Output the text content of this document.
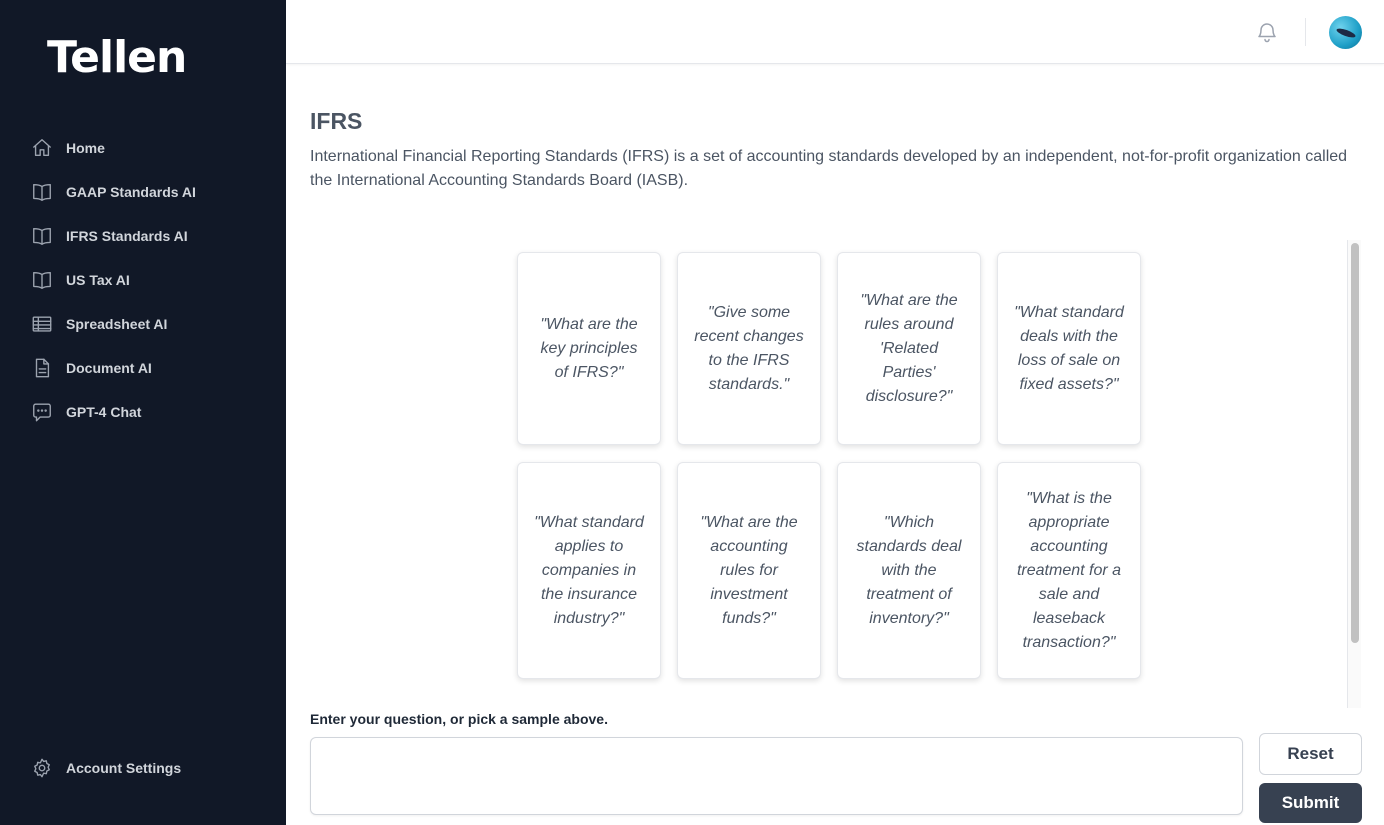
Tellen
Home
GAAP Standards AI
IFRS Standards AI
US Tax AI
Spreadsheet AI
Document AI
GPT-4 Chat
Account Settings
IFRS
International Financial Reporting Standards (IFRS) is a set of accounting standards developed by an independent, not-for-profit organization called the International Accounting Standards Board (IASB).
"What are the key principles of IFRS?"
"Give some recent changes to the IFRS standards."
"What are the rules around 'Related Parties' disclosure?"
"What standard deals with the loss of sale on fixed assets?"
"What standard applies to companies in the insurance industry?"
"What are the accounting rules for investment funds?"
"Which standards deal with the treatment of inventory?"
"What is the appropriate accounting treatment for a sale and leaseback transaction?"
Enter your question, or pick a sample above.
Reset
Submit
